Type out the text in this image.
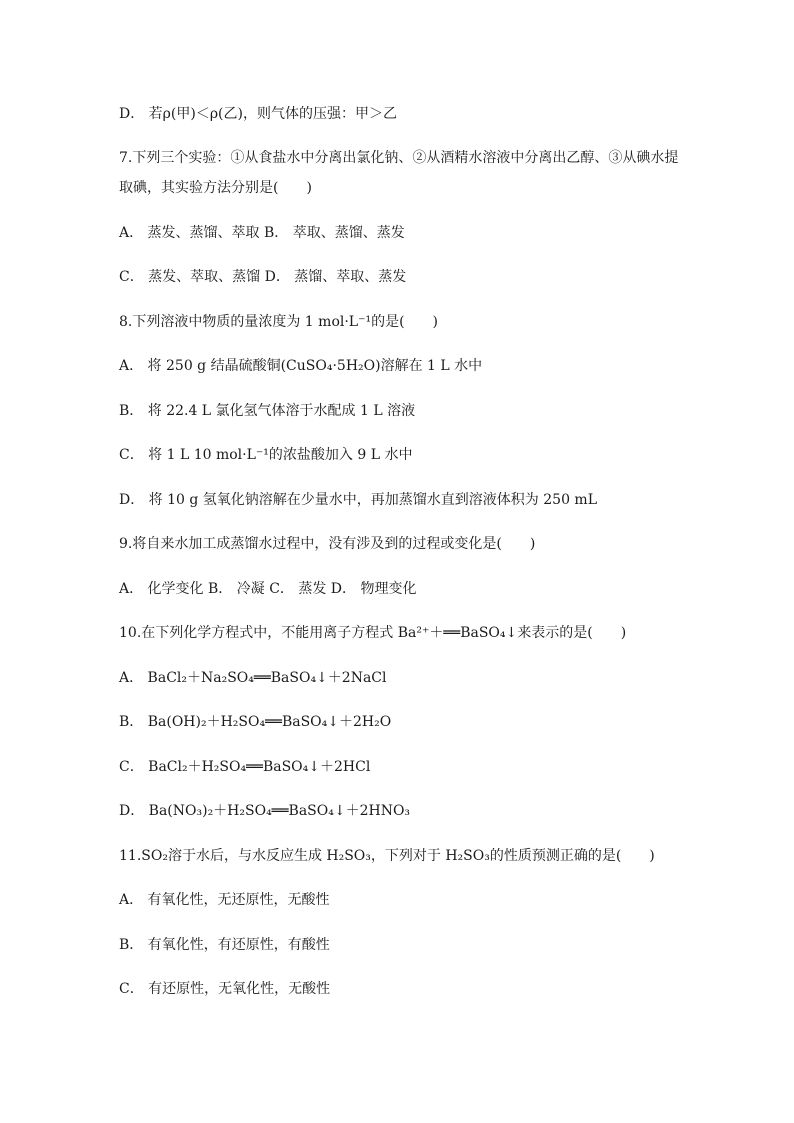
D． 若ρ(甲)＜ρ(乙)，则气体的压强：甲＞乙
7.下列三个实验：①从食盐水中分离出氯化钠、②从酒精水溶液中分离出乙醇、③从碘水提
取碘，其实验方法分别是(　　)
A． 蒸发、蒸馏、萃取 B． 萃取、蒸馏、蒸发
C． 蒸发、萃取、蒸馏 D． 蒸馏、萃取、蒸发
8.下列溶液中物质的量浓度为 1 mol·L⁻¹的是(　　)
A． 将 250 g 结晶硫酸铜(CuSO₄·5H₂O)溶解在 1 L 水中
B． 将 22.4 L 氯化氢气体溶于水配成 1 L 溶液
C． 将 1 L 10 mol·L⁻¹的浓盐酸加入 9 L 水中
D． 将 10 g 氢氧化钠溶解在少量水中，再加蒸馏水直到溶液体积为 250 mL
9.将自来水加工成蒸馏水过程中，没有涉及到的过程或变化是(　　)
A． 化学变化 B． 冷凝 C． 蒸发 D． 物理变化
10.在下列化学方程式中，不能用离子方程式 Ba²⁺＋══BaSO₄↓来表示的是(　　)
A． BaCl₂＋Na₂SO₄══BaSO₄↓＋2NaCl
B． Ba(OH)₂＋H₂SO₄══BaSO₄↓＋2H₂O
C． BaCl₂＋H₂SO₄══BaSO₄↓＋2HCl
D． Ba(NO₃)₂＋H₂SO₄══BaSO₄↓＋2HNO₃
11.SO₂溶于水后，与水反应生成 H₂SO₃，下列对于 H₂SO₃的性质预测正确的是(　　)
A． 有氧化性，无还原性，无酸性
B． 有氧化性，有还原性，有酸性
C． 有还原性，无氧化性，无酸性
